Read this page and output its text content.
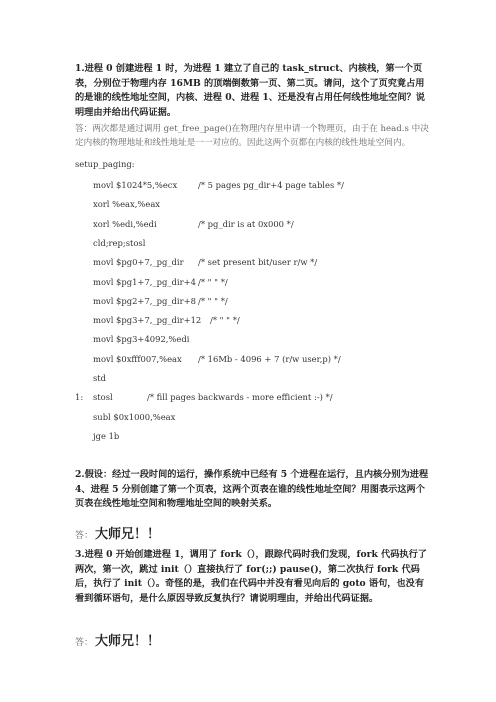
1.进程 0 创建进程 1 时，为进程 1 建立了自己的 task_struct、内核栈，第一个页表，分别位于物理内存 16MB 的顶端倒数第一页、第二页。请问，这个了页究竟占用的是谁的线性地址空间，内核、进程 0、进程 1、还是没有占用任何线性地址空间？说明理由并给出代码证据。

答：两次都是通过调用 get_free_page()在物理内存里申请一个物理页，由于在 head.s 中决定内核的物理地址和线性地址是一一对应的。因此这两个页都在内核的线性地址空间内。

setup_paging:
movl $1024*5,%ecx /* 5 pages pg_dir+4 page tables */
xorl %eax,%eax
xorl %edi,%edi	/* pg_dir is at 0x000 */
cld;rep;stosl
movl $pg0+7,_pg_dir /* set present bit/user r/w */
movl $pg1+7,_pg_dir+4 /* " " */
movl $pg2+7,_pg_dir+8 /* " " */
movl $pg3+7,_pg_dir+12 /* " " */
movl $pg3+4092,%edi
movl $0xfff007,%eax /* 16Mb - 4096 + 7 (r/w user,p) */
std
1: stosl	/* fill pages backwards - more efficient :-) */
subl $0x1000,%eax
jge 1b

2.假设：经过一段时间的运行，操作系统中已经有 5 个进程在运行，且内核分别为进程 4、进程 5 分别创建了第一个页表，这两个页表在谁的线性地址空间？用图表示这两个页表在线性地址空间和物理地址空间的映射关系。

答： 大师兄！！

3.进程 0 开始创建进程 1，调用了 fork（），跟踪代码时我们发现，fork 代码执行了两次，第一次，跳过 init（）直接执行了 for(;;) pause()，第二次执行 fork 代码后，执行了 init（）。奇怪的是，我们在代码中并没有看见向后的 goto 语句，也没有看到循环语句，是什么原因导致反复执行？请说明理由，并给出代码证据。

答： 大师兄！！
